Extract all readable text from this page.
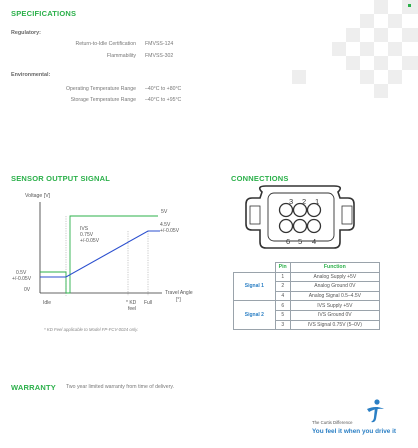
SPECIFICATIONS
Regulatory:
Return-to-Idle Certification FMVSS-124
Flammability FMVSS-302
Environmental:
Operating Temperature Range –40°C to +80°C
Storage Temperature Range –40°C to +95°C
SENSOR OUTPUT SIGNAL
Voltage [V]
5V
4.5V
+/-0.05V
IVS
0.75V
+/-0.05V
0.5V
+/-0.05V
0V
Idle	* KD
feel
Full
Travel Angle
[°]
* KD Feel applicable to Model FP-FCV-0024 only.
CONNECTIONS
3 2 1
6 5 4
	Pin	Function
Signal 1	1	Analog Supply +5V
	2	Analog Ground 0V
	4	Analog Signal 0.5–4.5V
Signal 2	6	IVS Supply +5V
	5	IVS Ground 0V
	3	IVS Signal 0.75V (5–0V)
WARRANTY Two year limited warranty from time of delivery.
The Curtis Difference
You feel it when you drive it
